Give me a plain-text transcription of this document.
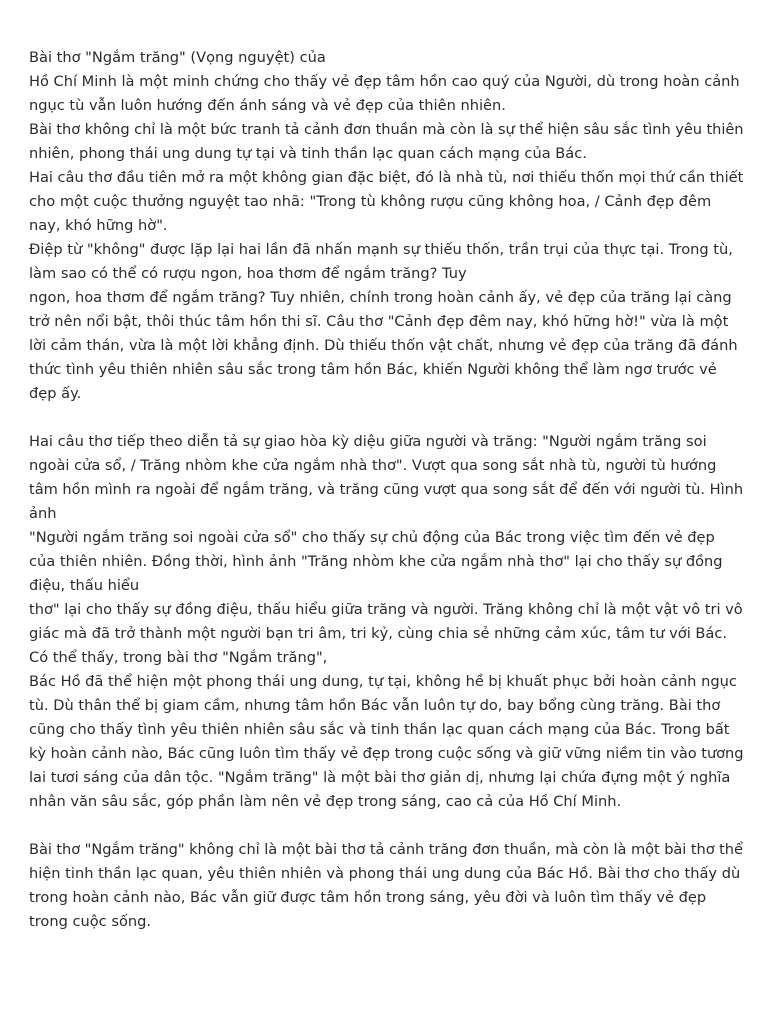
Bài thơ "Ngắm trăng" (Vọng nguyệt) của
Hồ Chí Minh là một minh chứng cho thấy vẻ đẹp tâm hồn cao quý của Người, dù trong hoàn cảnh
ngục tù vẫn luôn hướng đến ánh sáng và vẻ đẹp của thiên nhiên.
Bài thơ không chỉ là một bức tranh tả cảnh đơn thuần mà còn là sự thể hiện sâu sắc tình yêu thiên
nhiên, phong thái ung dung tự tại và tinh thần lạc quan cách mạng của Bác.
Hai câu thơ đầu tiên mở ra một không gian đặc biệt, đó là nhà tù, nơi thiếu thốn mọi thứ cần thiết
cho một cuộc thưởng nguyệt tao nhã: "Trong tù không rượu cũng không hoa, / Cảnh đẹp đêm
nay, khó hững hờ".
Điệp từ "không" được lặp lại hai lần đã nhấn mạnh sự thiếu thốn, trần trụi của thực tại. Trong tù,
làm sao có thể có rượu ngon, hoa thơm để ngắm trăng? Tuy
ngon, hoa thơm để ngắm trăng? Tuy nhiên, chính trong hoàn cảnh ấy, vẻ đẹp của trăng lại càng
trở nên nổi bật, thôi thúc tâm hồn thi sĩ. Câu thơ "Cảnh đẹp đêm nay, khó hững hờ!" vừa là một
lời cảm thán, vừa là một lời khẳng định. Dù thiếu thốn vật chất, nhưng vẻ đẹp của trăng đã đánh
thức tình yêu thiên nhiên sâu sắc trong tâm hồn Bác, khiến Người không thể làm ngơ trước vẻ
đẹp ấy.
Hai câu thơ tiếp theo diễn tả sự giao hòa kỳ diệu giữa người và trăng: "Người ngắm trăng soi
ngoài cửa sổ, / Trăng nhòm khe cửa ngắm nhà thơ". Vượt qua song sắt nhà tù, người tù hướng
tâm hồn mình ra ngoài để ngắm trăng, và trăng cũng vượt qua song sắt để đến với người tù. Hình
ảnh
"Người ngắm trăng soi ngoài cửa sổ" cho thấy sự chủ động của Bác trong việc tìm đến vẻ đẹp
của thiên nhiên. Đồng thời, hình ảnh "Trăng nhòm khe cửa ngắm nhà thơ" lại cho thấy sự đồng
điệu, thấu hiểu
thơ" lại cho thấy sự đồng điệu, thấu hiểu giữa trăng và người. Trăng không chỉ là một vật vô tri vô
giác mà đã trở thành một người bạn tri âm, tri kỷ, cùng chia sẻ những cảm xúc, tâm tư với Bác.
Có thể thấy, trong bài thơ "Ngắm trăng",
Bác Hồ đã thể hiện một phong thái ung dung, tự tại, không hề bị khuất phục bởi hoàn cảnh ngục
tù. Dù thân thể bị giam cầm, nhưng tâm hồn Bác vẫn luôn tự do, bay bổng cùng trăng. Bài thơ
cũng cho thấy tình yêu thiên nhiên sâu sắc và tinh thần lạc quan cách mạng của Bác. Trong bất
kỳ hoàn cảnh nào, Bác cũng luôn tìm thấy vẻ đẹp trong cuộc sống và giữ vững niềm tin vào tương
lai tươi sáng của dân tộc. "Ngắm trăng" là một bài thơ giản dị, nhưng lại chứa đựng một ý nghĩa
nhân văn sâu sắc, góp phần làm nên vẻ đẹp trong sáng, cao cả của Hồ Chí Minh.
Bài thơ "Ngắm trăng" không chỉ là một bài thơ tả cảnh trăng đơn thuần, mà còn là một bài thơ thể
hiện tinh thần lạc quan, yêu thiên nhiên và phong thái ung dung của Bác Hồ. Bài thơ cho thấy dù
trong hoàn cảnh nào, Bác vẫn giữ được tâm hồn trong sáng, yêu đời và luôn tìm thấy vẻ đẹp
trong cuộc sống.
